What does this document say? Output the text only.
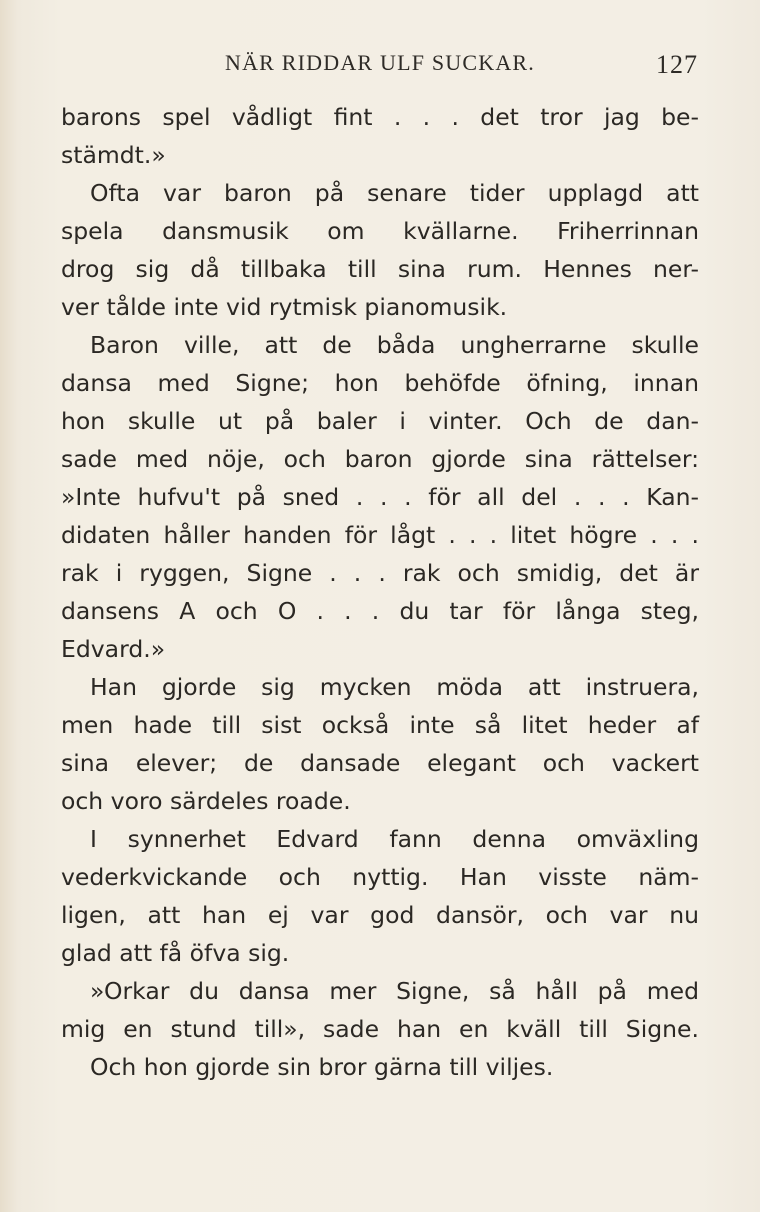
NÄR RIDDAR ULF SUCKAR.	127
barons spel vådligt fint . . . det tror jag be-
stämdt.»
Ofta var baron på senare tider upplagd att
spela dansmusik om kvällarne. Friherrinnan
drog sig då tillbaka till sina rum. Hennes ner-
ver tålde inte vid rytmisk pianomusik.
Baron ville, att de båda ungherrarne skulle
dansa med Signe; hon behöfde öfning, innan
hon skulle ut på baler i vinter. Och de dan-
sade med nöje, och baron gjorde sina rättelser:
»Inte hufvu't på sned . . . för all del . . . Kan-
didaten håller handen för lågt . . . litet högre . . .
rak i ryggen, Signe . . . rak och smidig, det är
dansens A och O . . . du tar för långa steg,
Edvard.»
Han gjorde sig mycken möda att instruera,
men hade till sist också inte så litet heder af
sina elever; de dansade elegant och vackert
och voro särdeles roade.
I synnerhet Edvard fann denna omväxling
vederkvickande och nyttig. Han visste näm-
ligen, att han ej var god dansör, och var nu
glad att få öfva sig.
»Orkar du dansa mer Signe, så håll på med
mig en stund till», sade han en kväll till Signe.
Och hon gjorde sin bror gärna till viljes.
